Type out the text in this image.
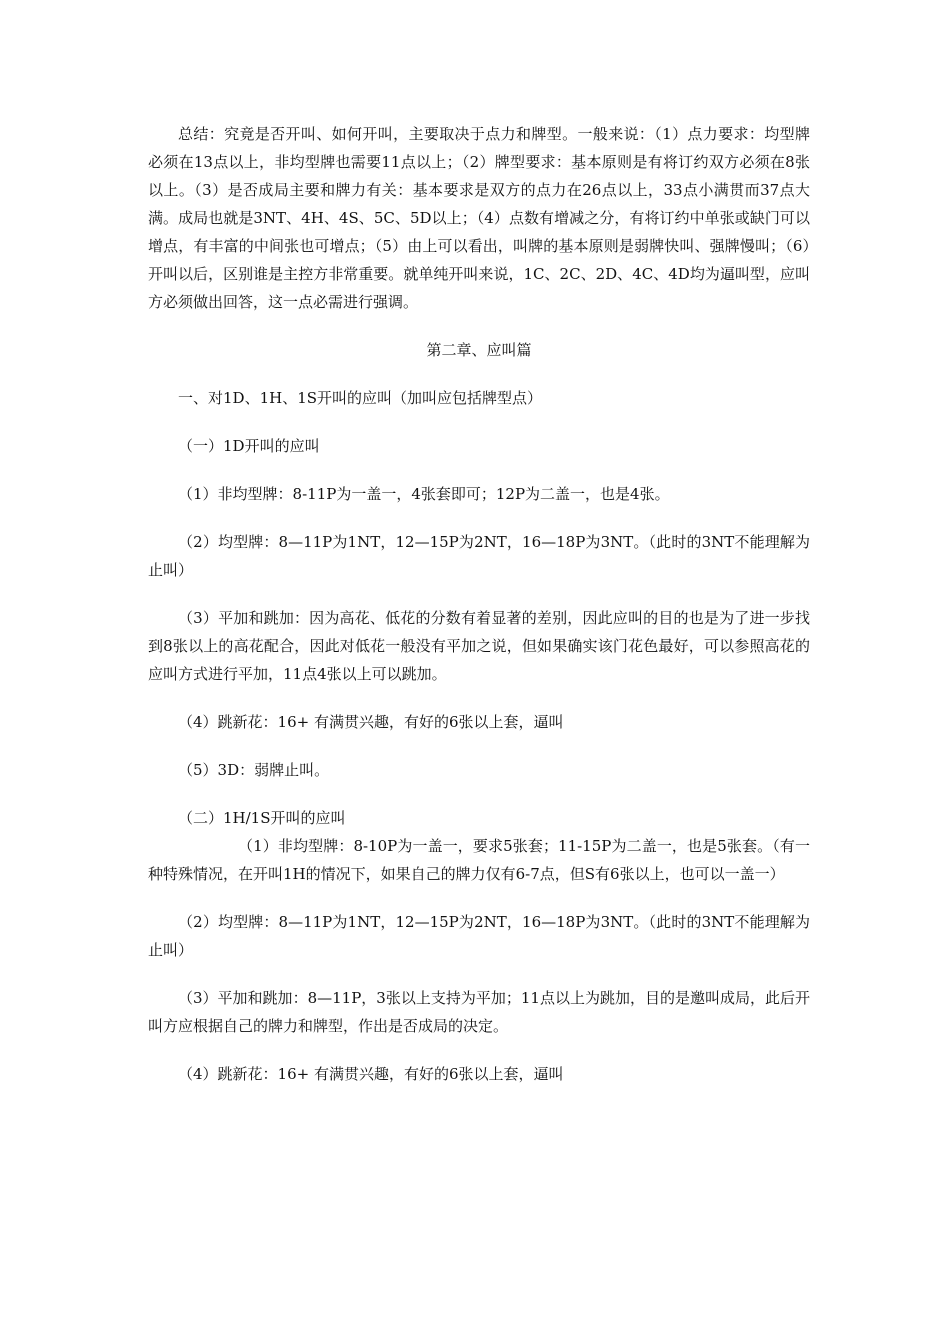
总结：究竟是否开叫、如何开叫，主要取决于点力和牌型。一般来说：（1）点力要求：均型牌必须在13点以上，非均型牌也需要11点以上；（2）牌型要求：基本原则是有将订约双方必须在8张以上。（3）是否成局主要和牌力有关：基本要求是双方的点力在26点以上，33点小满贯而37点大满。成局也就是3NT、4H、4S、5C、5D以上；（4）点数有增减之分，有将订约中单张或缺门可以增点，有丰富的中间张也可增点；（5）由上可以看出，叫牌的基本原则是弱牌快叫、强牌慢叫；（6）开叫以后，区别谁是主控方非常重要。就单纯开叫来说，1C、2C、2D、4C、4D均为逼叫型，应叫方必须做出回答，这一点必需进行强调。

第二章、应叫篇

一、对1D、1H、1S开叫的应叫（加叫应包括牌型点）

（一）1D开叫的应叫

（1）非均型牌：8-11P为一盖一，4张套即可；12P为二盖一，也是4张。

（2）均型牌：8—11P为1NT，12—15P为2NT，16—18P为3NT。（此时的3NT不能理解为止叫）

（3）平加和跳加：因为高花、低花的分数有着显著的差别，因此应叫的目的也是为了进一步找到8张以上的高花配合，因此对低花一般没有平加之说，但如果确实该门花色最好，可以参照高花的应叫方式进行平加，11点4张以上可以跳加。

（4）跳新花：16+ 有满贯兴趣，有好的6张以上套，逼叫

（5）3D：弱牌止叫。

（二）1H/1S开叫的应叫

（1）非均型牌：8-10P为一盖一，要求5张套；11-15P为二盖一，也是5张套。（有一种特殊情况，在开叫1H的情况下，如果自己的牌力仅有6-7点，但S有6张以上，也可以一盖一）

（2）均型牌：8—11P为1NT，12—15P为2NT，16—18P为3NT。（此时的3NT不能理解为止叫）

（3）平加和跳加：8—11P，3张以上支持为平加；11点以上为跳加，目的是邀叫成局，此后开叫方应根据自己的牌力和牌型，作出是否成局的决定。

（4）跳新花：16+ 有满贯兴趣，有好的6张以上套，逼叫
